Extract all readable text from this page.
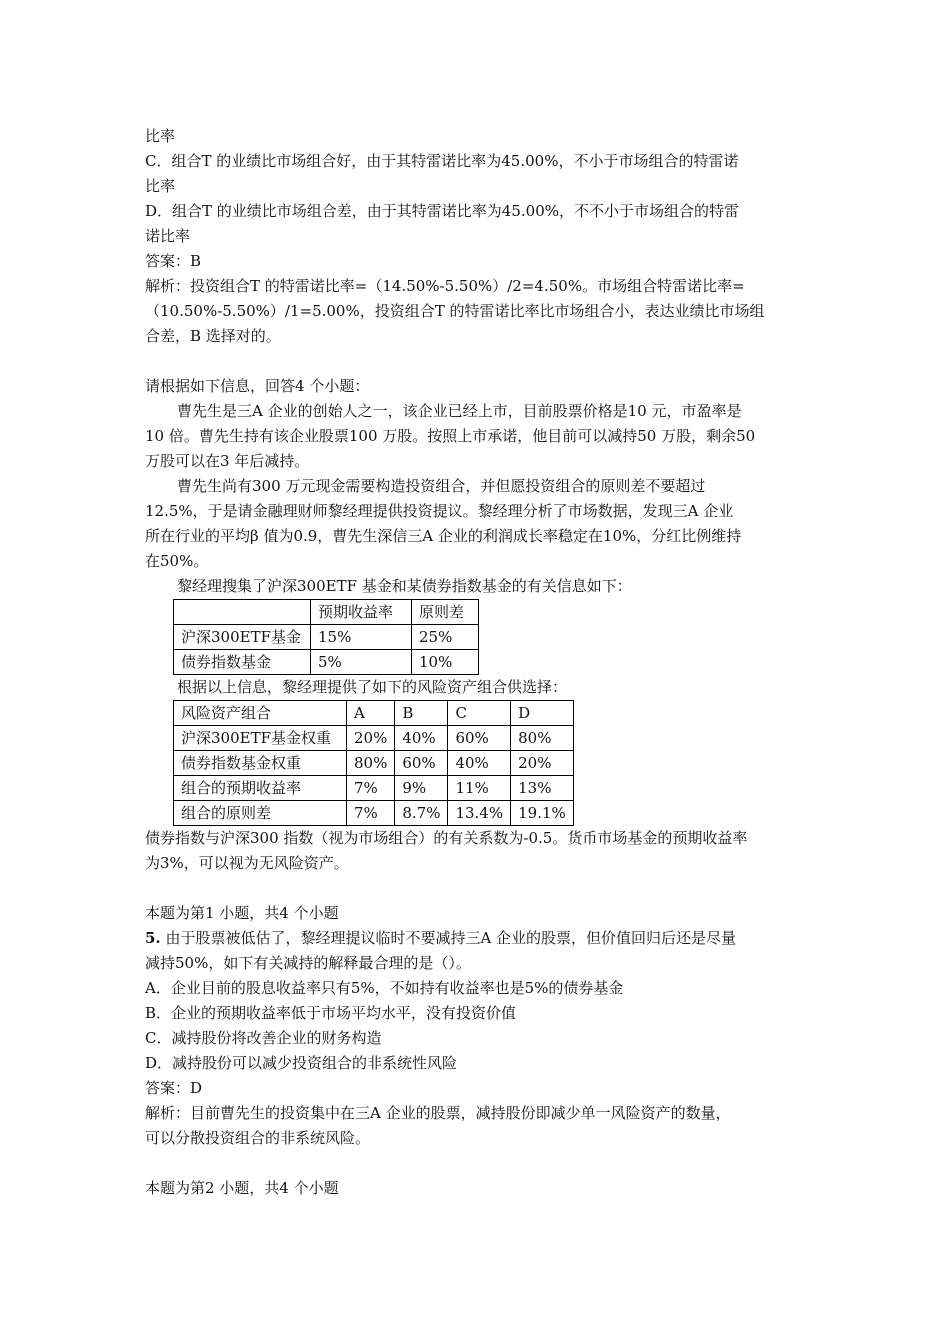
比率

C．组合T 的业绩比市场组合好，由于其特雷诺比率为45.00%，不小于市场组合的特雷诺

比率

D．组合T 的业绩比市场组合差，由于其特雷诺比率为45.00%，不不小于市场组合的特雷

诺比率

答案：B

解析：投资组合T 的特雷诺比率=（14.50%-5.50%）/2=4.50%。市场组合特雷诺比率=

（10.50%-5.50%）/1=5.00%，投资组合T 的特雷诺比率比市场组合小，表达业绩比市场组

合差，B 选择对的。

请根据如下信息，回答4 个小题：

曹先生是三A 企业的创始人之一，该企业已经上市，目前股票价格是10 元，市盈率是

10 倍。曹先生持有该企业股票100 万股。按照上市承诺，他目前可以减持50 万股，剩余50

万股可以在3 年后减持。

曹先生尚有300 万元现金需要构造投资组合，并但愿投资组合的原则差不要超过

12.5%，于是请金融理财师黎经理提供投资提议。黎经理分析了市场数据，发现三A 企业

所在行业的平均β 值为0.9，曹先生深信三A 企业的利润成长率稳定在10%，分红比例维持

在50%。

黎经理搜集了沪深300ETF 基金和某债券指数基金的有关信息如下：

	预期收益率	原则差
沪深300ETF基金	15%	25%
债券指数基金	5%	10%

根据以上信息，黎经理提供了如下的风险资产组合供选择：

风险资产组合	A	B	C	D
沪深300ETF基金权重	20%	40%	60%	80%
债券指数基金权重	80%	60%	40%	20%
组合的预期收益率	7%	9%	11%	13%
组合的原则差	7%	8.7%	13.4%	19.1%

债券指数与沪深300 指数（视为市场组合）的有关系数为-0.5。货币市场基金的预期收益率

为3%，可以视为无风险资产。

本题为第1 小题，共4 个小题

5. 由于股票被低估了，黎经理提议临时不要减持三A 企业的股票，但价值回归后还是尽量

减持50%，如下有关减持的解释最合理的是（）。

A．企业目前的股息收益率只有5%，不如持有收益率也是5%的债券基金

B．企业的预期收益率低于市场平均水平，没有投资价值

C．减持股份将改善企业的财务构造

D．减持股份可以减少投资组合的非系统性风险

答案：D

解析：目前曹先生的投资集中在三A 企业的股票，减持股份即减少单一风险资产的数量，

可以分散投资组合的非系统风险。

本题为第2 小题，共4 个小题
